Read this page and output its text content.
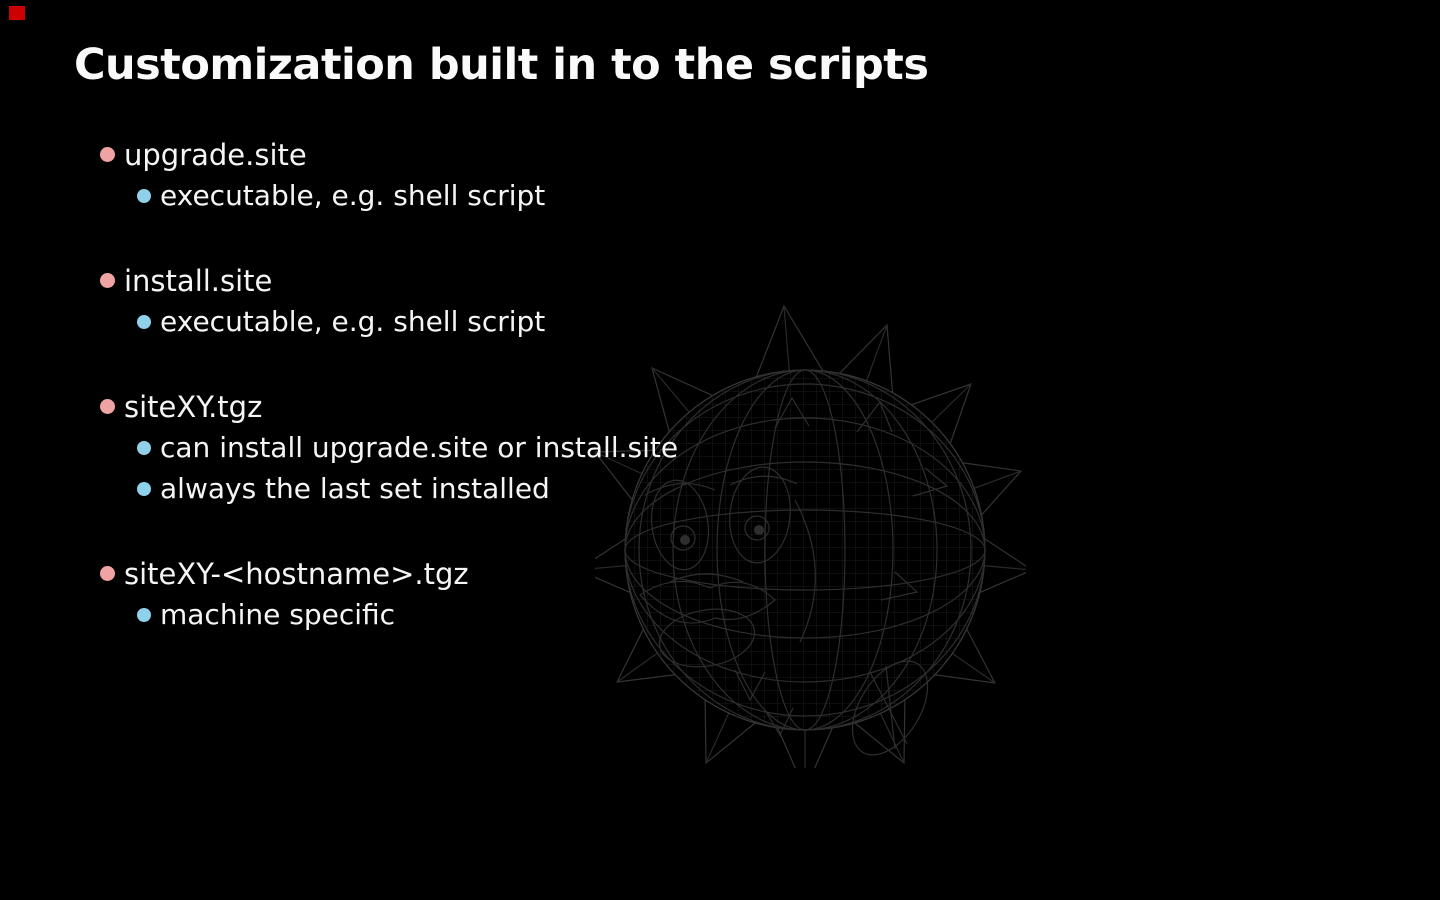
Customization built in to the scripts
upgrade.site
executable, e.g. shell script
install.site
executable, e.g. shell script
siteXY.tgz
can install upgrade.site or install.site
always the last set installed
siteXY-<hostname>.tgz
machine specific
